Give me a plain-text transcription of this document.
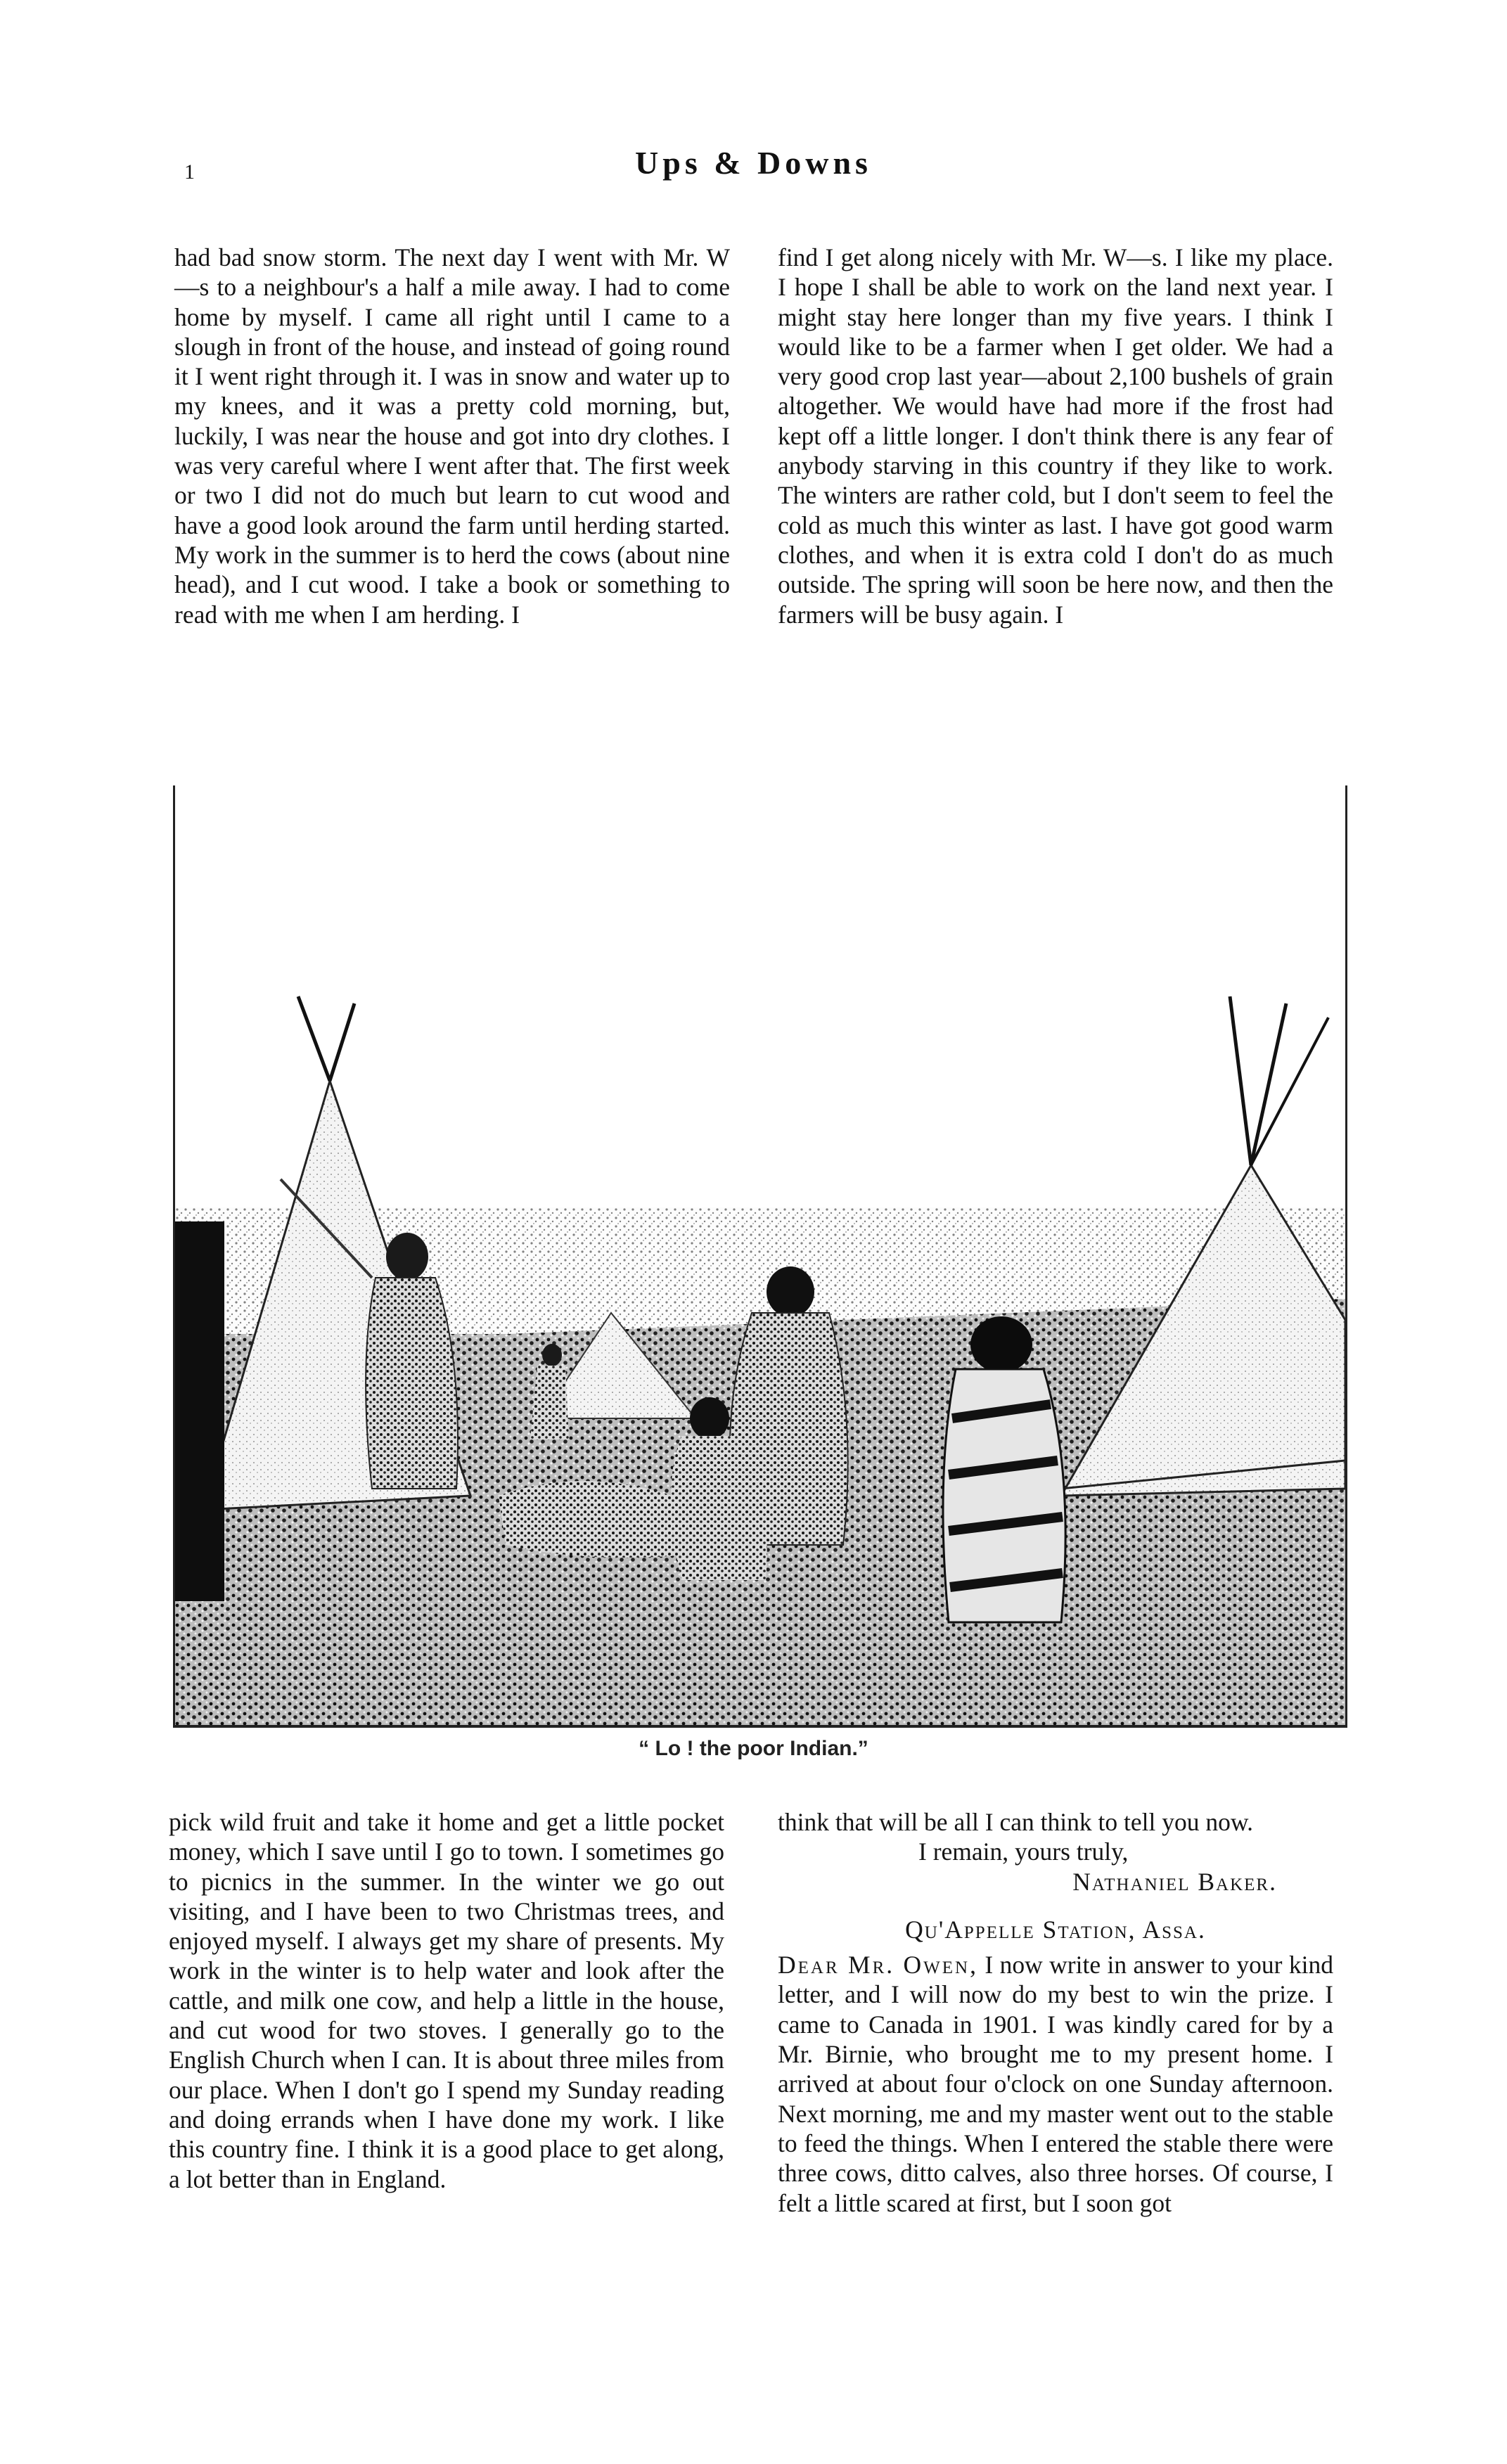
1	Ups & Downs

had bad snow storm. The next day I went with Mr. W—s to a neighbour's a half a mile away. I had to come home by myself. I came all right until I came to a slough in front of the house, and instead of going round it I went right through it. I was in snow and water up to my knees, and it was a pretty cold morning, but, luckily, I was near the house and got into dry clothes. I was very careful where I went after that. The first week or two I did not do much but learn to cut wood and have a good look around the farm until herding started. My work in the summer is to herd the cows (about nine head), and I cut wood. I take a book or something to read with me when I am herding. I

find I get along nicely with Mr. W—s. I like my place. I hope I shall be able to work on the land next year. I might stay here longer than my five years. I think I would like to be a farmer when I get older. We had a very good crop last year—about 2,100 bushels of grain altogether. We would have had more if the frost had kept off a little longer. I don't think there is any fear of anybody starving in this country if they like to work. The winters are rather cold, but I don't seem to feel the cold as much this winter as last. I have got good warm clothes, and when it is extra cold I don't do as much outside. The spring will soon be here now, and then the farmers will be busy again. I

“ Lo ! the poor Indian.”

pick wild fruit and take it home and get a little pocket money, which I save until I go to town. I sometimes go to picnics in the summer. In the winter we go out visiting, and I have been to two Christmas trees, and enjoyed myself. I always get my share of presents. My work in the winter is to help water and look after the cattle, and milk one cow, and help a little in the house, and cut wood for two stoves. I generally go to the English Church when I can. It is about three miles from our place. When I don't go I spend my Sunday reading and doing errands when I have done my work. I like this country fine. I think it is a good place to get along, a lot better than in England.

think that will be all I can think to tell you now.

I remain, yours truly,

Nathaniel Baker.

Qu'Appelle Station, Assa.

Dear Mr. Owen, I now write in answer to your kind letter, and I will now do my best to win the prize. I came to Canada in 1901. I was kindly cared for by a Mr. Birnie, who brought me to my present home. I arrived at about four o'clock on one Sunday afternoon. Next morning, me and my master went out to the stable to feed the things. When I entered the stable there were three cows, ditto calves, also three horses. Of course, I felt a little scared at first, but I soon got
